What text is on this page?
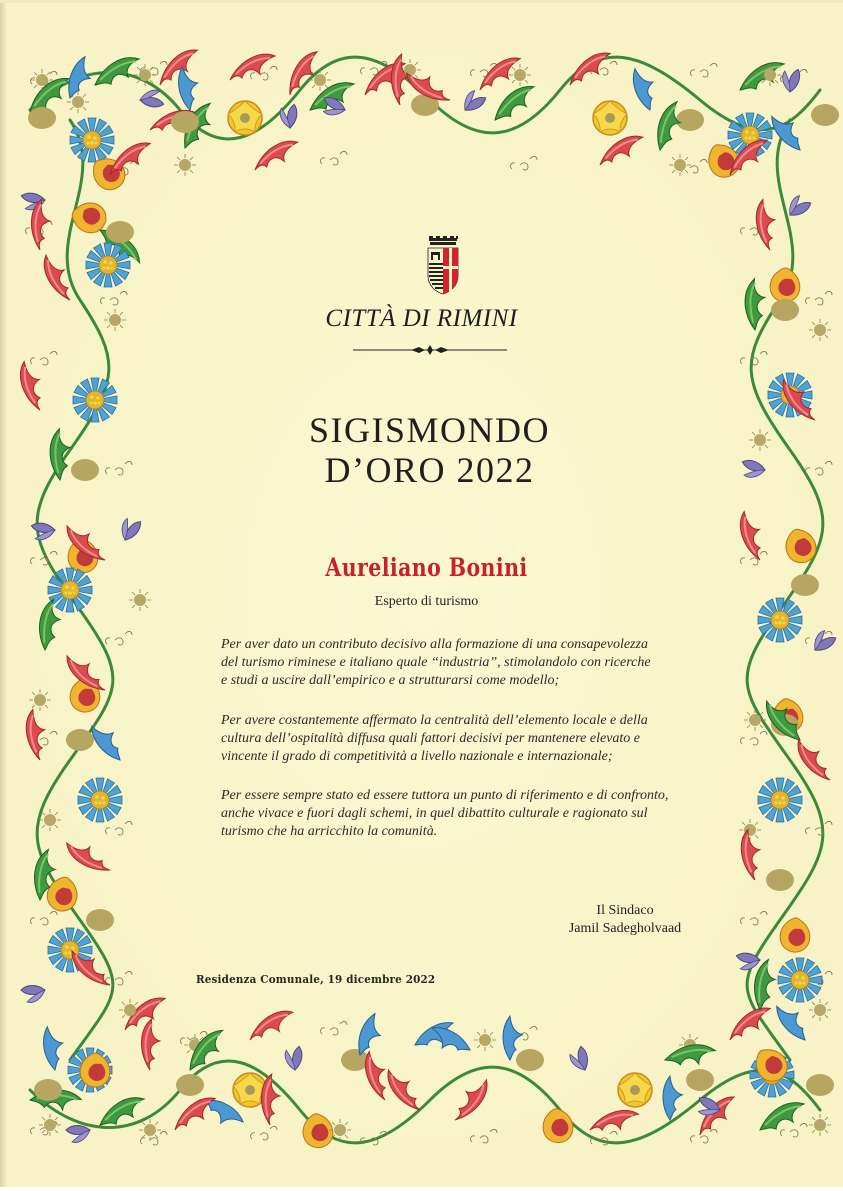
CITTÀ DI RIMINI
SIGISMONDO
D’ORO 2022
Aureliano Bonini
Esperto di turismo
Per aver dato un contributo decisivo alla formazione di una consapevolezza
del turismo riminese e italiano quale “industria”, stimolandolo con ricerche
e studi a uscire dall’empirico e a strutturarsi come modello;
Per avere costantemente affermato la centralità dell’elemento locale e della
cultura dell’ospitalità diffusa quali fattori decisivi per mantenere elevato e
vincente il grado di competitività a livello nazionale e internazionale;
Per essere sempre stato ed essere tuttora un punto di riferimento e di confronto,
anche vivace e fuori dagli schemi, in quel dibattito culturale e ragionato sul
turismo che ha arricchito la comunità.
Il Sindaco
Jamil Sadegholvaad
Residenza Comunale, 19 dicembre 2022
